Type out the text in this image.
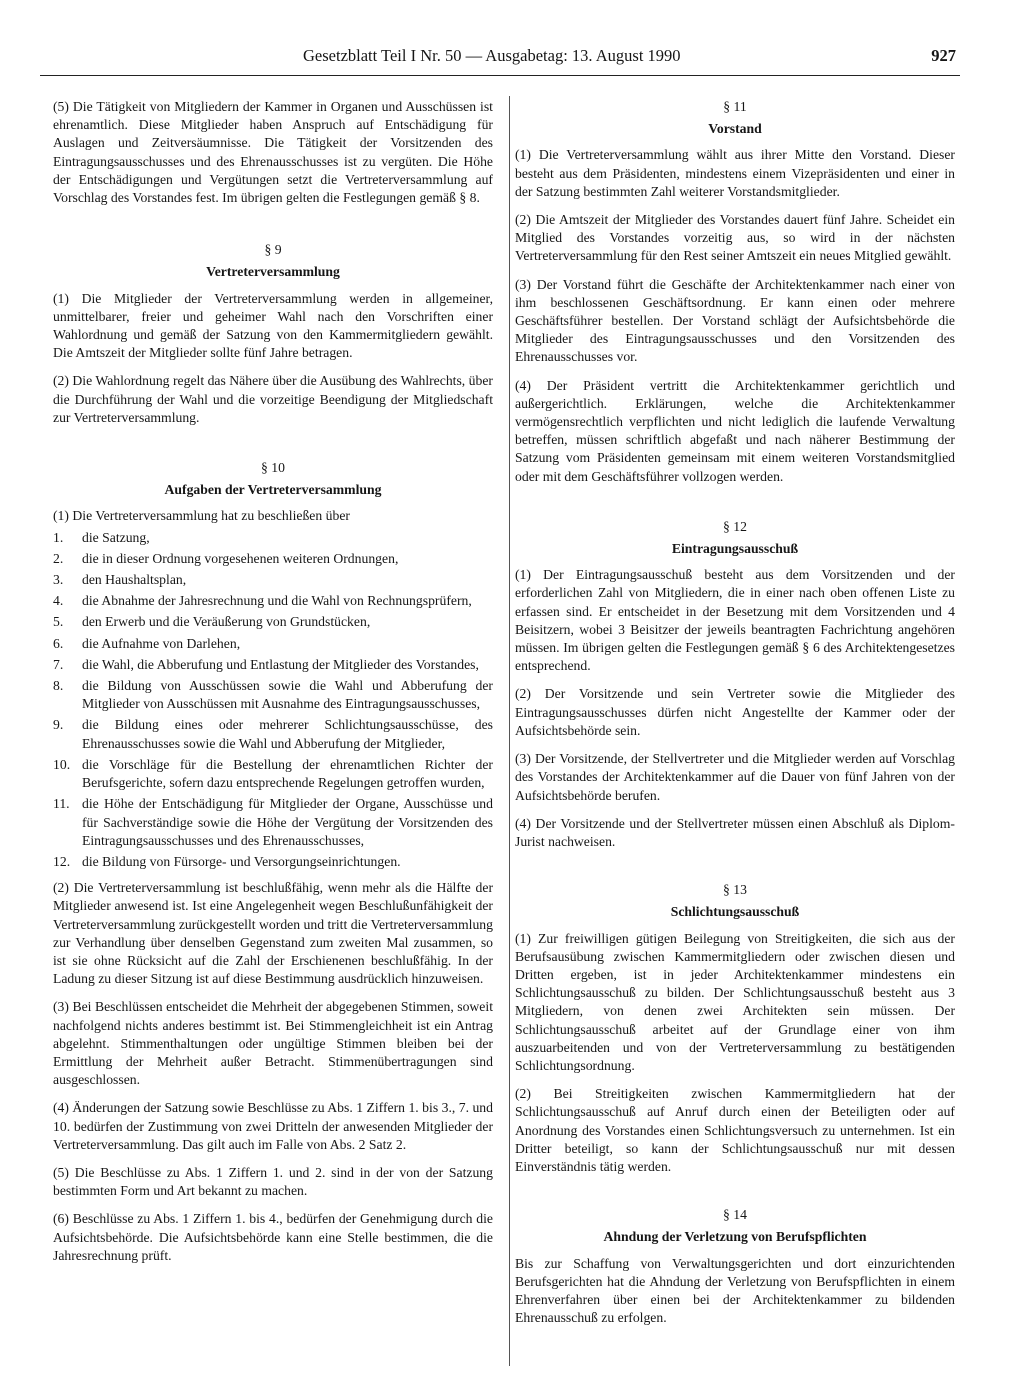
Gesetzblatt Teil I Nr. 50 — Ausgabetag: 13. August 1990	927

(5) Die Tätigkeit von Mitgliedern der Kammer in Organen und Ausschüssen ist ehrenamtlich. Diese Mitglieder haben Anspruch auf Entschädigung für Auslagen und Zeitversäumnisse. Die Tätigkeit der Vorsitzenden des Eintragungsausschusses und des Ehrenausschusses ist zu vergüten. Die Höhe der Entschädigungen und Vergütungen setzt die Vertreterversammlung auf Vorschlag des Vorstandes fest. Im übrigen gelten die Festlegungen gemäß § 8.

§ 9

Vertreterversammlung

(1) Die Mitglieder der Vertreterversammlung werden in allgemeiner, unmittelbarer, freier und geheimer Wahl nach den Vorschriften einer Wahlordnung und gemäß der Satzung von den Kammermitgliedern gewählt. Die Amtszeit der Mitglieder sollte fünf Jahre betragen.

(2) Die Wahlordnung regelt das Nähere über die Ausübung des Wahlrechts, über die Durchführung der Wahl und die vorzeitige Beendigung der Mitgliedschaft zur Vertreterversammlung.

§ 10

Aufgaben der Vertreterversammlung

(1) Die Vertreterversammlung hat zu beschließen über

1.	die Satzung,
2.	die in dieser Ordnung vorgesehenen weiteren Ordnungen,
3.	den Haushaltsplan,
4.	die Abnahme der Jahresrechnung und die Wahl von Rechnungsprüfern,
5.	den Erwerb und die Veräußerung von Grundstücken,
6.	die Aufnahme von Darlehen,
7.	die Wahl, die Abberufung und Entlastung der Mitglieder des Vorstandes,
8.	die Bildung von Ausschüssen sowie die Wahl und Abberufung der Mitglieder von Ausschüssen mit Ausnahme des Eintragungsausschusses,
9.	die Bildung eines oder mehrerer Schlichtungsausschüsse, des Ehrenausschusses sowie die Wahl und Abberufung der Mitglieder,
10. die Vorschläge für die Bestellung der ehrenamtlichen Richter der Berufsgerichte, sofern dazu entsprechende Regelungen getroffen wurden,
11. die Höhe der Entschädigung für Mitglieder der Organe, Ausschüsse und für Sachverständige sowie die Höhe der Vergütung der Vorsitzenden des Eintragungsausschusses und des Ehrenausschusses,
12. die Bildung von Fürsorge- und Versorgungseinrichtungen.

(2) Die Vertreterversammlung ist beschlußfähig, wenn mehr als die Hälfte der Mitglieder anwesend ist. Ist eine Angelegenheit wegen Beschlußunfähigkeit der Vertreterversammlung zurückgestellt worden und tritt die Vertreterversammlung zur Verhandlung über denselben Gegenstand zum zweiten Mal zusammen, so ist sie ohne Rücksicht auf die Zahl der Erschienenen beschlußfähig. In der Ladung zu dieser Sitzung ist auf diese Bestimmung ausdrücklich hinzuweisen.

(3) Bei Beschlüssen entscheidet die Mehrheit der abgegebenen Stimmen, soweit nachfolgend nichts anderes bestimmt ist. Bei Stimmengleichheit ist ein Antrag abgelehnt. Stimmenthaltungen oder ungültige Stimmen bleiben bei der Ermittlung der Mehrheit außer Betracht. Stimmenübertragungen sind ausgeschlossen.

(4) Änderungen der Satzung sowie Beschlüsse zu Abs. 1 Ziffern 1. bis 3., 7. und 10. bedürfen der Zustimmung von zwei Dritteln der anwesenden Mitglieder der Vertreterversammlung. Das gilt auch im Falle von Abs. 2 Satz 2.

(5) Die Beschlüsse zu Abs. 1 Ziffern 1. und 2. sind in der von der Satzung bestimmten Form und Art bekannt zu machen.

(6) Beschlüsse zu Abs. 1 Ziffern 1. bis 4., bedürfen der Genehmigung durch die Aufsichtsbehörde. Die Aufsichtsbehörde kann eine Stelle bestimmen, die die Jahresrechnung prüft.

§ 11

Vorstand

(1) Die Vertreterversammlung wählt aus ihrer Mitte den Vorstand. Dieser besteht aus dem Präsidenten, mindestens einem Vizepräsidenten und einer in der Satzung bestimmten Zahl weiterer Vorstandsmitglieder.

(2) Die Amtszeit der Mitglieder des Vorstandes dauert fünf Jahre. Scheidet ein Mitglied des Vorstandes vorzeitig aus, so wird in der nächsten Vertreterversammlung für den Rest seiner Amtszeit ein neues Mitglied gewählt.

(3) Der Vorstand führt die Geschäfte der Architektenkammer nach einer von ihm beschlossenen Geschäftsordnung. Er kann einen oder mehrere Geschäftsführer bestellen. Der Vorstand schlägt der Aufsichtsbehörde die Mitglieder des Eintragungsausschusses und den Vorsitzenden des Ehrenausschusses vor.

(4) Der Präsident vertritt die Architektenkammer gerichtlich und außergerichtlich. Erklärungen, welche die Architektenkammer vermögensrechtlich verpflichten und nicht lediglich die laufende Verwaltung betreffen, müssen schriftlich abgefaßt und nach näherer Bestimmung der Satzung vom Präsidenten gemeinsam mit einem weiteren Vorstandsmitglied oder mit dem Geschäftsführer vollzogen werden.

§ 12

Eintragungsausschuß

(1) Der Eintragungsausschuß besteht aus dem Vorsitzenden und der erforderlichen Zahl von Mitgliedern, die in einer nach oben offenen Liste zu erfassen sind. Er entscheidet in der Besetzung mit dem Vorsitzenden und 4 Beisitzern, wobei 3 Beisitzer der jeweils beantragten Fachrichtung angehören müssen. Im übrigen gelten die Festlegungen gemäß § 6 des Architektengesetzes entsprechend.

(2) Der Vorsitzende und sein Vertreter sowie die Mitglieder des Eintragungsausschusses dürfen nicht Angestellte der Kammer oder der Aufsichtsbehörde sein.

(3) Der Vorsitzende, der Stellvertreter und die Mitglieder werden auf Vorschlag des Vorstandes der Architektenkammer auf die Dauer von fünf Jahren von der Aufsichtsbehörde berufen.

(4) Der Vorsitzende und der Stellvertreter müssen einen Abschluß als Diplom-Jurist nachweisen.

§ 13

Schlichtungsausschuß

(1) Zur freiwilligen gütigen Beilegung von Streitigkeiten, die sich aus der Berufsausübung zwischen Kammermitgliedern oder zwischen diesen und Dritten ergeben, ist in jeder Architektenkammer mindestens ein Schlichtungsausschuß zu bilden. Der Schlichtungsausschuß besteht aus 3 Mitgliedern, von denen zwei Architekten sein müssen. Der Schlichtungsausschuß arbeitet auf der Grundlage einer von ihm auszuarbeitenden und von der Vertreterversammlung zu bestätigenden Schlichtungsordnung.

(2) Bei Streitigkeiten zwischen Kammermitgliedern hat der Schlichtungsausschuß auf Anruf durch einen der Beteiligten oder auf Anordnung des Vorstandes einen Schlichtungsversuch zu unternehmen. Ist ein Dritter beteiligt, so kann der Schlichtungsausschuß nur mit dessen Einverständnis tätig werden.

§ 14

Ahndung der Verletzung von Berufspflichten

Bis zur Schaffung von Verwaltungsgerichten und dort einzurichtenden Berufsgerichten hat die Ahndung der Verletzung von Berufspflichten in einem Ehrenverfahren über einen bei der Architektenkammer zu bildenden Ehrenausschuß zu erfolgen.
